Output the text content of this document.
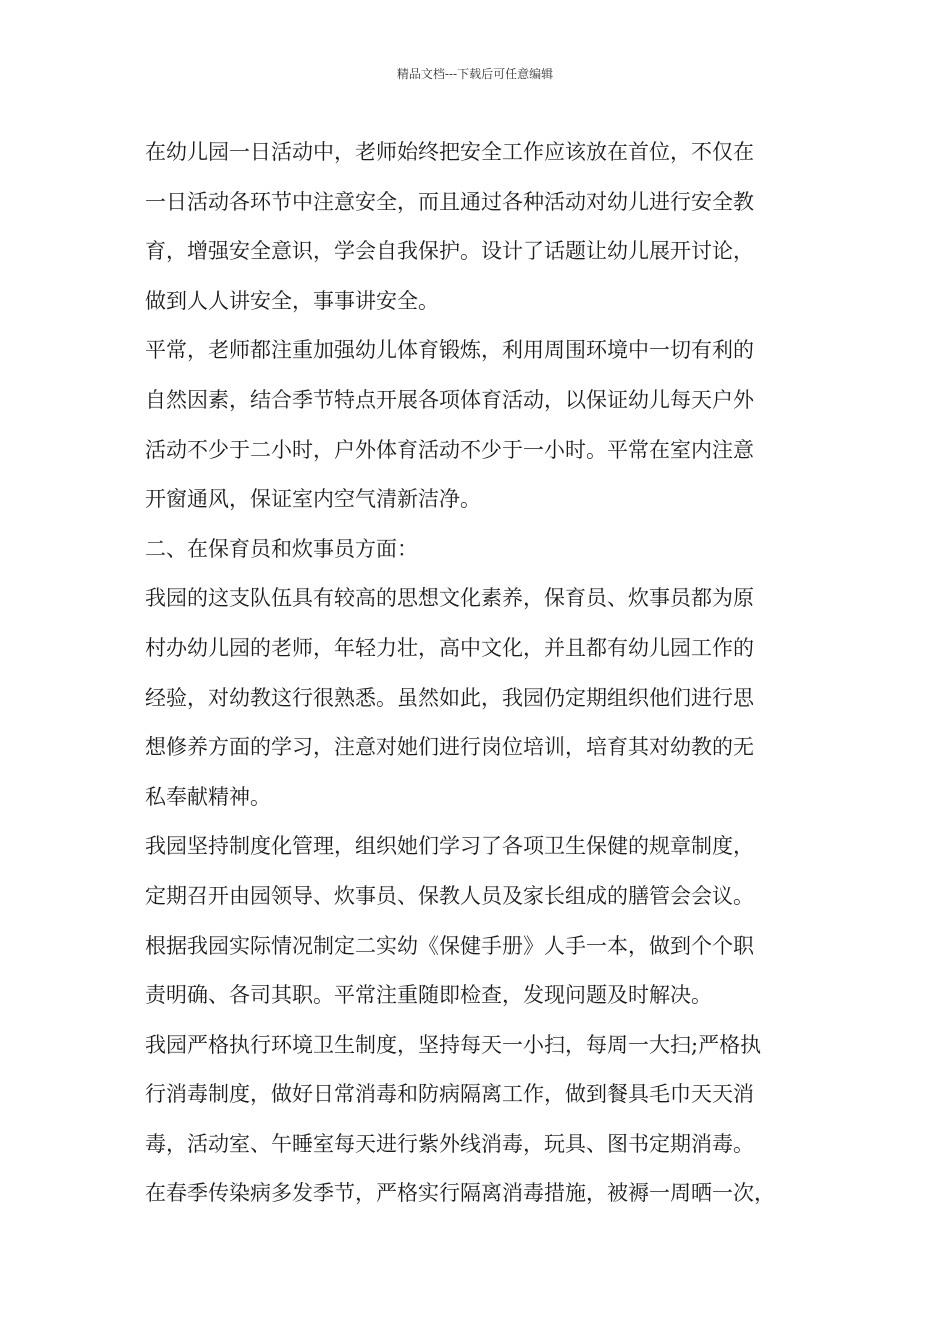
精品文档---下载后可任意编辑
在幼儿园一日活动中，老师始终把安全工作应该放在首位，不仅在
一日活动各环节中注意安全，而且通过各种活动对幼儿进行安全教
育，增强安全意识，学会自我保护。设计了话题让幼儿展开讨论，
做到人人讲安全，事事讲安全。
平常，老师都注重加强幼儿体育锻炼，利用周围环境中一切有利的
自然因素，结合季节特点开展各项体育活动，以保证幼儿每天户外
活动不少于二小时，户外体育活动不少于一小时。平常在室内注意
开窗通风，保证室内空气清新洁净。
二、在保育员和炊事员方面：
我园的这支队伍具有较高的思想文化素养，保育员、炊事员都为原
村办幼儿园的老师，年轻力壮，高中文化，并且都有幼儿园工作的
经验，对幼教这行很熟悉。虽然如此，我园仍定期组织他们进行思
想修养方面的学习，注意对她们进行岗位培训，培育其对幼教的无
私奉献精神。
我园坚持制度化管理，组织她们学习了各项卫生保健的规章制度，
定期召开由园领导、炊事员、保教人员及家长组成的膳管会会议。
根据我园实际情况制定二实幼《保健手册》人手一本，做到个个职
责明确、各司其职。平常注重随即检查，发现问题及时解决。
我园严格执行环境卫生制度，坚持每天一小扫，每周一大扫;严格执
行消毒制度，做好日常消毒和防病隔离工作，做到餐具毛巾天天消
毒，活动室、午睡室每天进行紫外线消毒，玩具、图书定期消毒。
在春季传染病多发季节，严格实行隔离消毒措施，被褥一周晒一次，
